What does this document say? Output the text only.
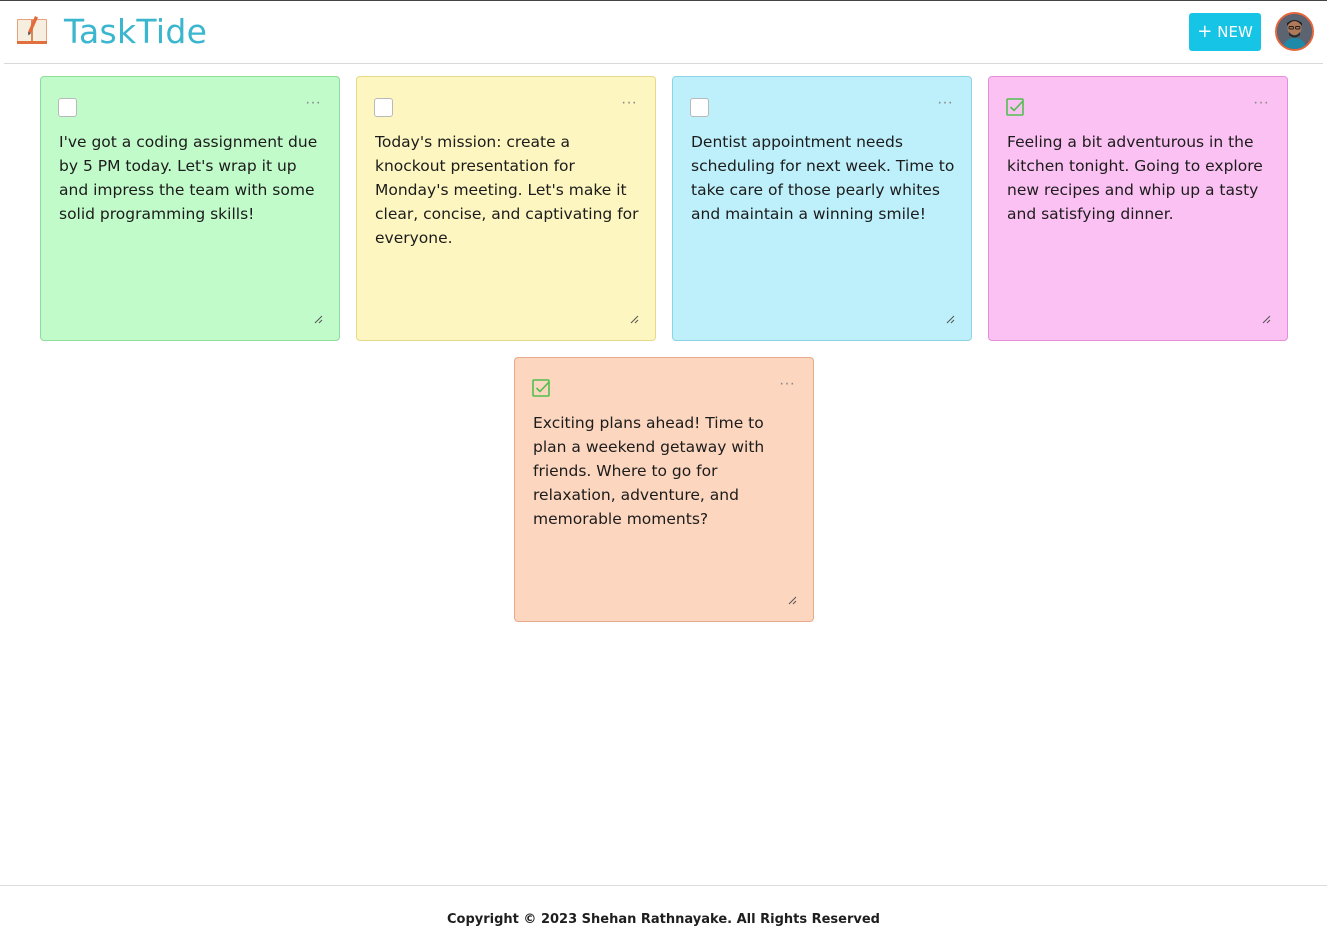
TaskTide	+ NEW
···
I've got a coding assignment due by 5 PM today. Let's wrap it up and impress the team with some solid programming skills!
···
Today's mission: create a knockout presentation for Monday's meeting. Let's make it clear, concise, and captivating for everyone.
···
Dentist appointment needs scheduling for next week. Time to take care of those pearly whites and maintain a winning smile!
···
Feeling a bit adventurous in the kitchen tonight. Going to explore new recipes and whip up a tasty and satisfying dinner.
···
Exciting plans ahead! Time to plan a weekend getaway with friends. Where to go for relaxation, adventure, and memorable moments?
Copyright © 2023 Shehan Rathnayake. All Rights Reserved
